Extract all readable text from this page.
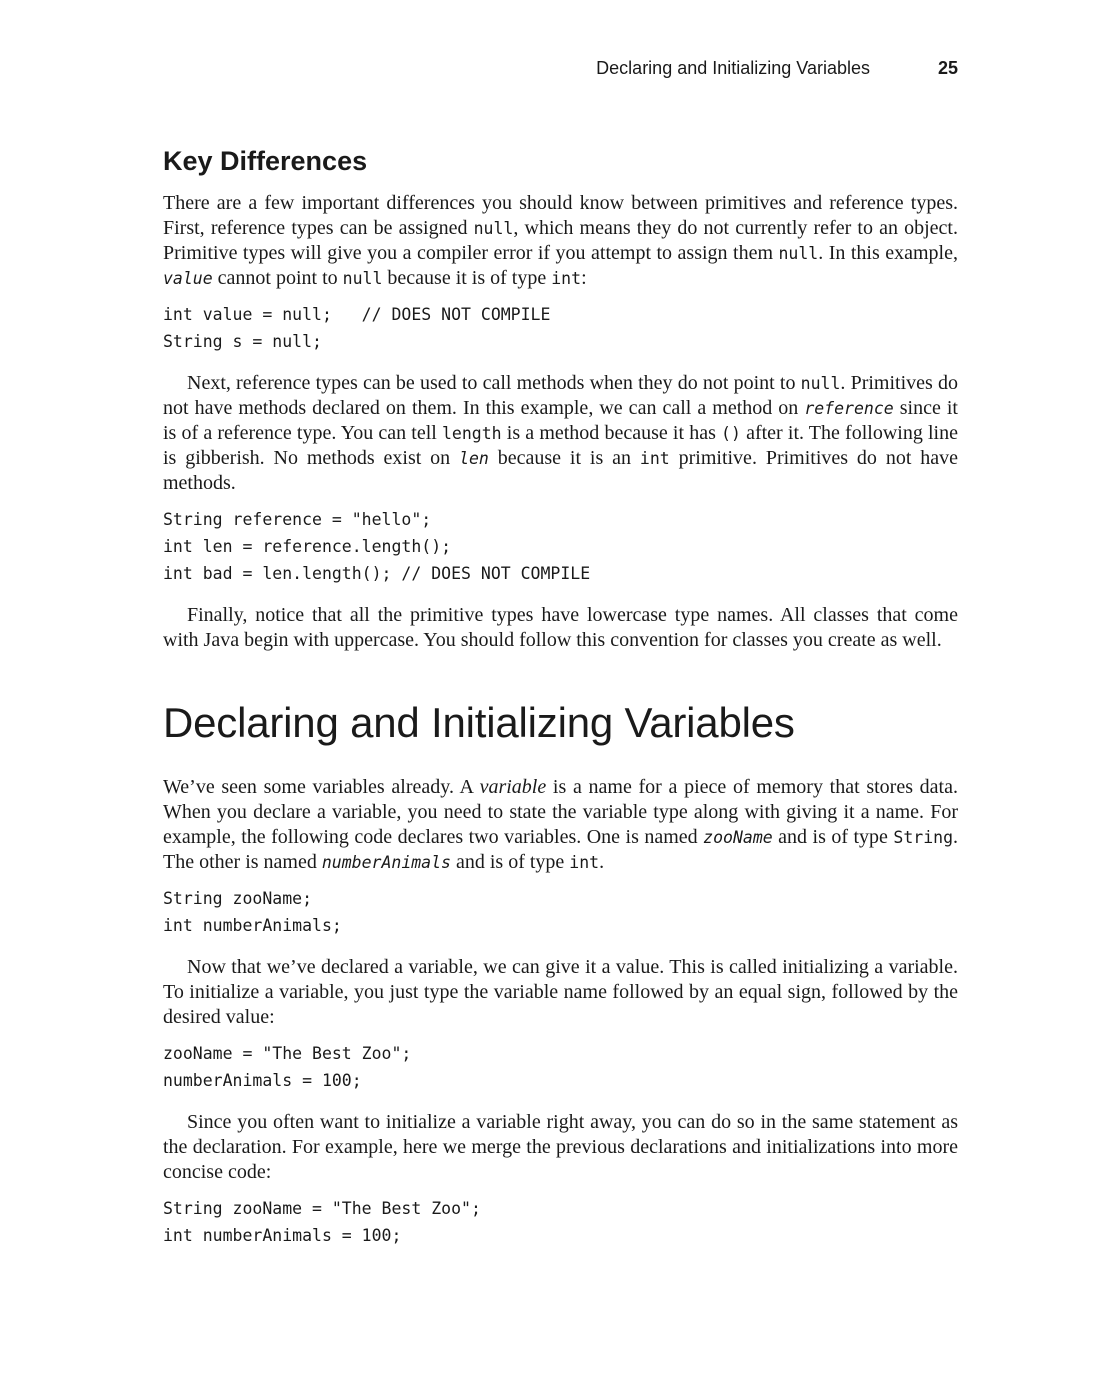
Declaring and Initializing Variables	25
Key Differences

There are a few important differences you should know between primitives and reference types. First, reference types can be assigned null, which means they do not currently refer to an object. Primitive types will give you a compiler error if you attempt to assign them null. In this example, value cannot point to null because it is of type int:

int value = null;   // DOES NOT COMPILE
String s = null;

Next, reference types can be used to call methods when they do not point to null. Primitives do not have methods declared on them. In this example, we can call a method on reference since it is of a reference type. You can tell length is a method because it has () after it. The following line is gibberish. No methods exist on len because it is an int primitive. Primitives do not have methods.

String reference = "hello";
int len = reference.length();
int bad = len.length(); // DOES NOT COMPILE

Finally, notice that all the primitive types have lowercase type names. All classes that come with Java begin with uppercase. You should follow this convention for classes you create as well.

Declaring and Initializing Variables

We’ve seen some variables already. A variable is a name for a piece of memory that stores data. When you declare a variable, you need to state the variable type along with giving it a name. For example, the following code declares two variables. One is named zooName and is of type String. The other is named numberAnimals and is of type int.

String zooName;
int numberAnimals;

Now that we’ve declared a variable, we can give it a value. This is called initializing a variable. To initialize a variable, you just type the variable name followed by an equal sign, followed by the desired value:

zooName = "The Best Zoo";
numberAnimals = 100;

Since you often want to initialize a variable right away, you can do so in the same statement as the declaration. For example, here we merge the previous declarations and initializations into more concise code:

String zooName = "The Best Zoo";
int numberAnimals = 100;
